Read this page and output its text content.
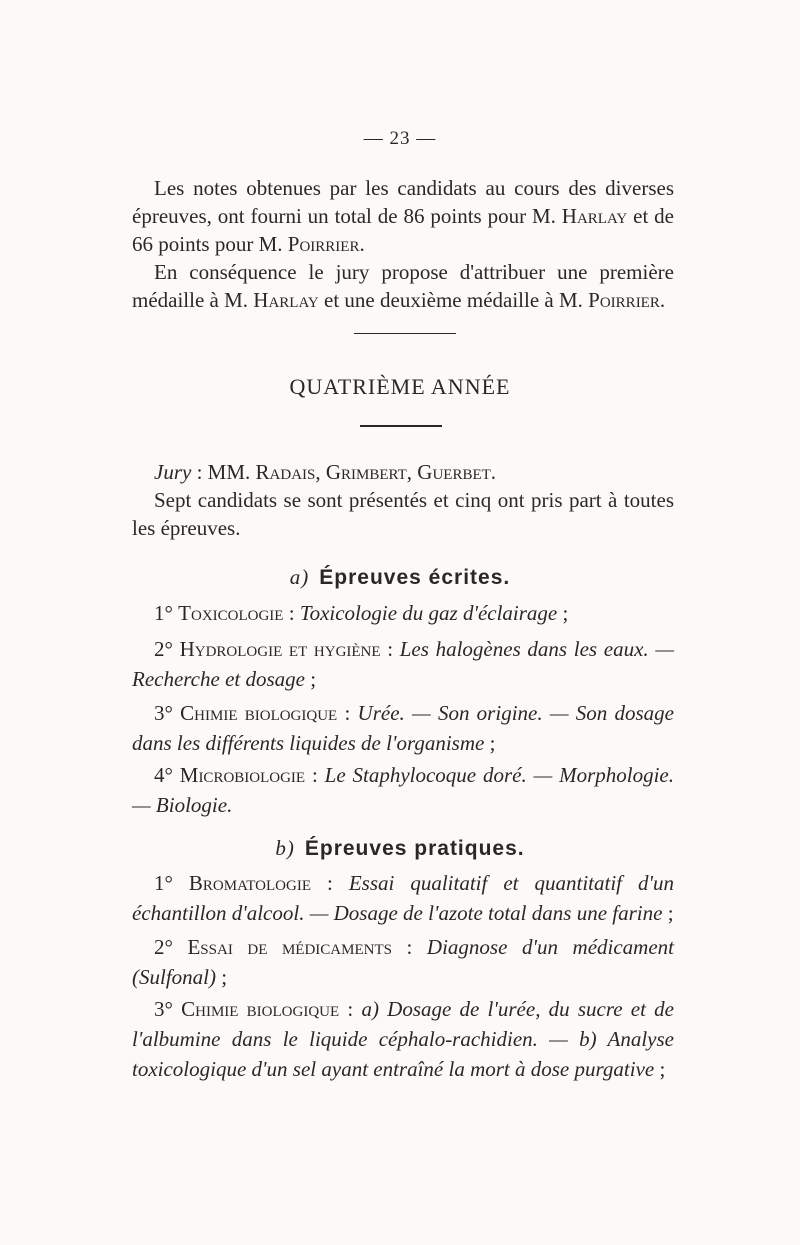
— 23 —

Les notes obtenues par les candidats au cours des diverses épreuves, ont fourni un total de 86 points pour M. Harlay et de 66 points pour M. Poirrier.

En conséquence le jury propose d'attribuer une première médaille à M. Harlay et une deuxième médaille à M. Poirrier.

QUATRIÈME ANNÉE

Jury : MM. Radais, Grimbert, Guerbet.

Sept candidats se sont présentés et cinq ont pris part à toutes les épreuves.

a) Épreuves écrites.

1° Toxicologie : Toxicologie du gaz d'éclairage ;

2° Hydrologie et hygiène : Les halogènes dans les eaux. — Recherche et dosage ;

3° Chimie biologique : Urée. — Son origine. — Son dosage dans les différents liquides de l'organisme ;

4° Microbiologie : Le Staphylocoque doré. — Morphologie. — Biologie.

b) Épreuves pratiques.

1° Bromatologie : Essai qualitatif et quantitatif d'un échantillon d'alcool. — Dosage de l'azote total dans une farine ;

2° Essai de médicaments : Diagnose d'un médicament (Sulfonal) ;

3° Chimie biologique : a) Dosage de l'urée, du sucre et de l'albumine dans le liquide céphalo-rachidien. — b) Analyse toxicologique d'un sel ayant entraîné la mort à dose purgative ;
